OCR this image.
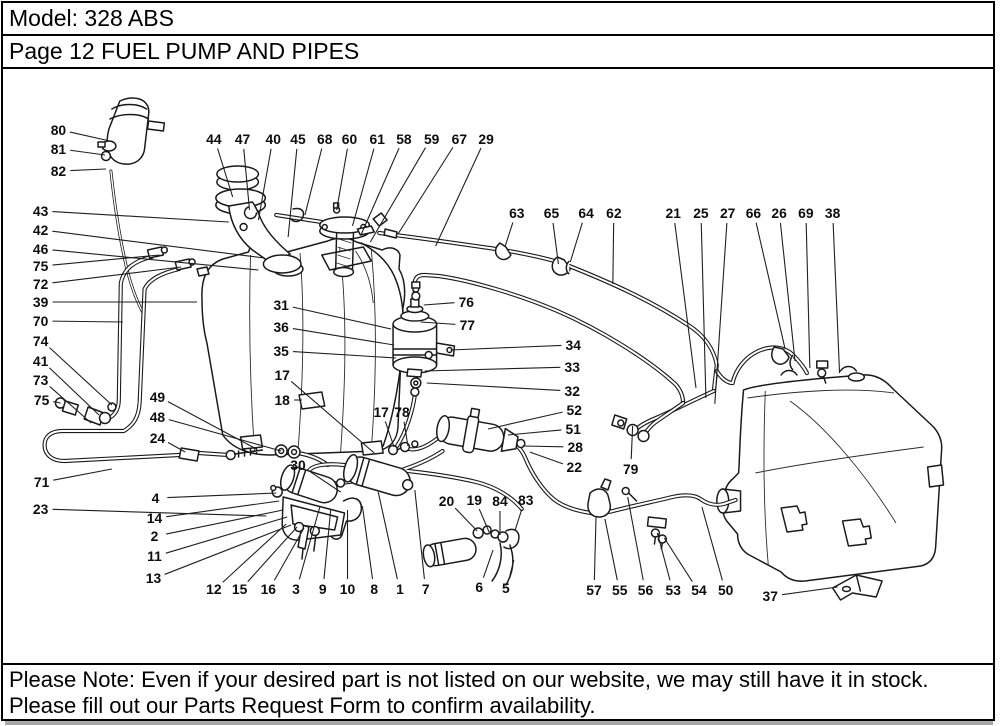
Model: 328 ABS
Page 12 FUEL PUMP AND PIPES
80
81
82
43
42
46
75
72
39
70
74
41
73
75	49
48
24
71
23
4
14
2
11
13
30
12 15 16 3 9 10 8 1 7	6 5
20 19 84 83
44 47 40 45 68 60 61 58 59 67 29
63 65 64 62	21 25 27 66 26 69 38
31
36
35
17
18
76
77
34
33
32
52
51
28
22
17 78
79
57 55 56 53 54 50 37
Please Note: Even if your desired part is not listed on our website, we may still have it in stock.
Please fill out our Parts Request Form to confirm availability.
